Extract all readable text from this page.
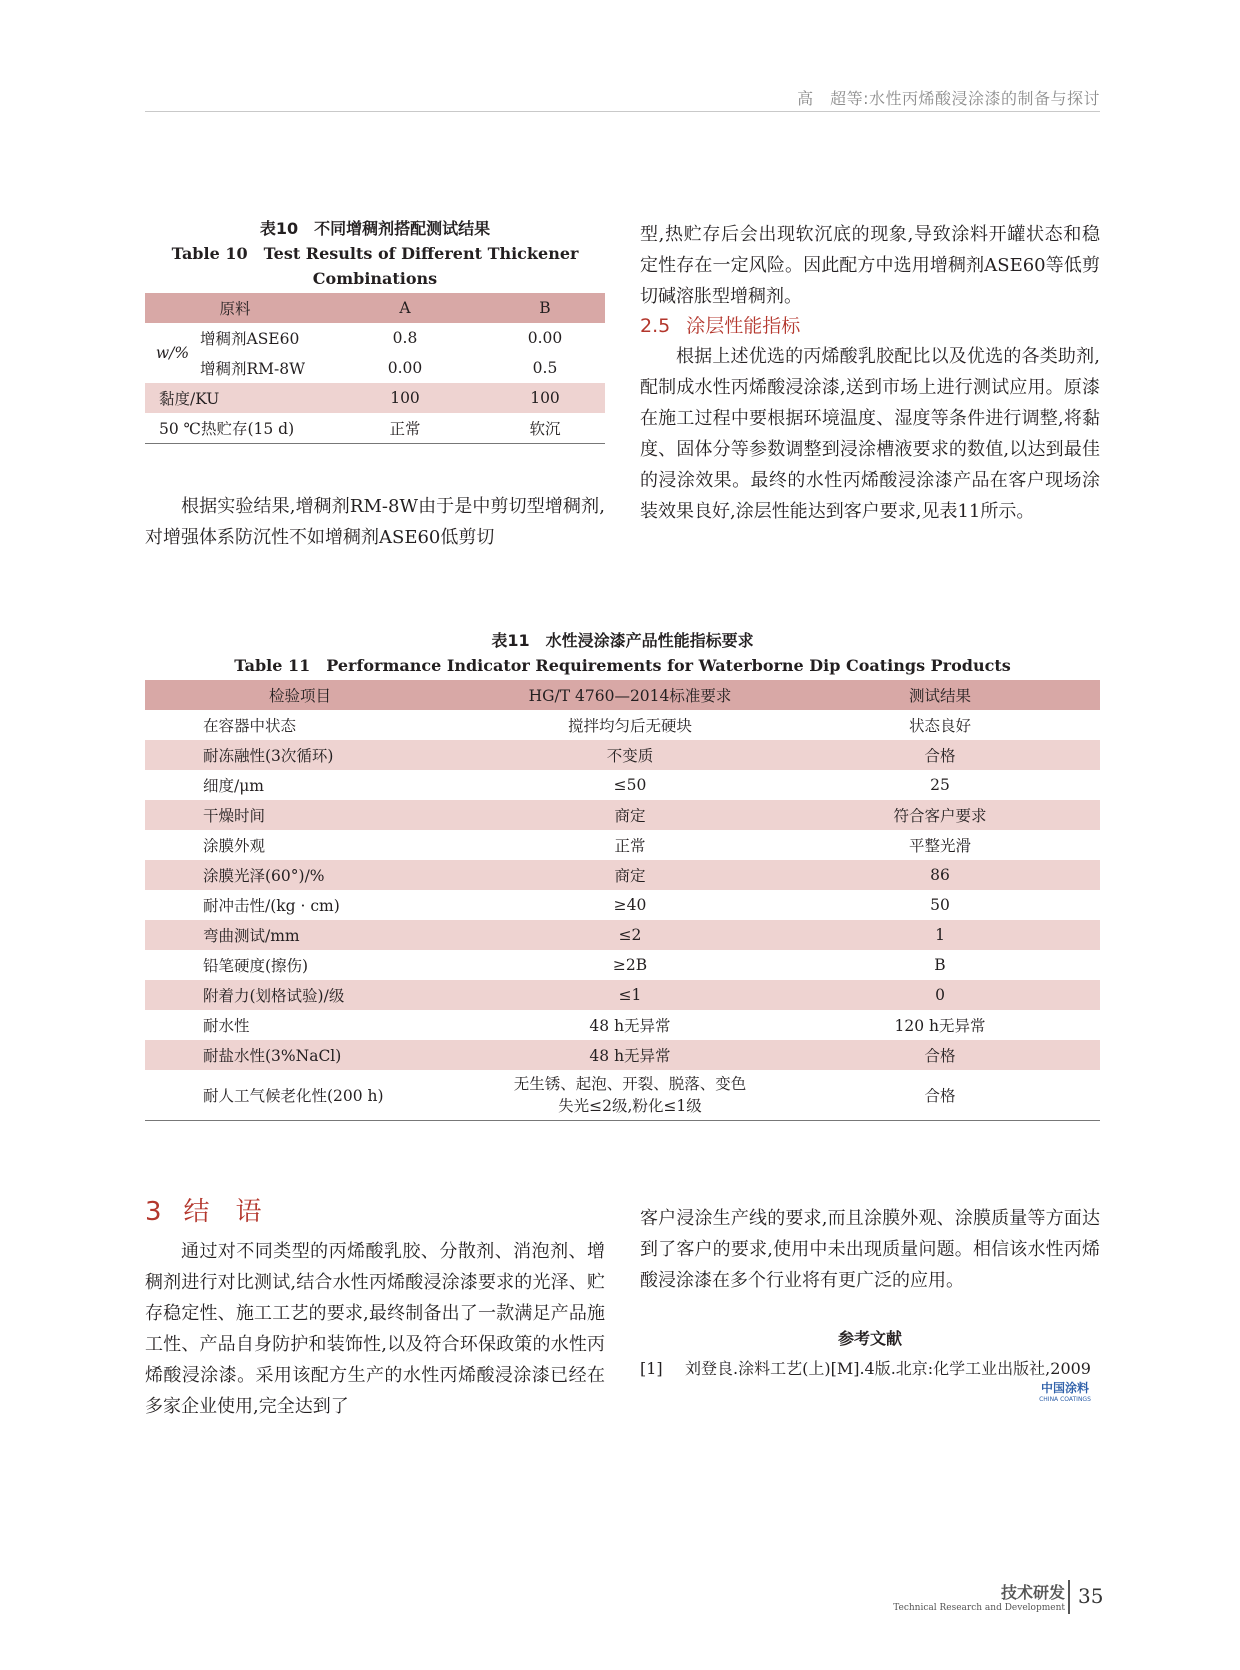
高　超等:水性丙烯酸浸涂漆的制备与探讨
表10　不同增稠剂搭配测试结果
Table 10　Test Results of Different Thickener
Combinations
原料		A	B
w/%	增稠剂ASE60	0.8	0.00
	增稠剂RM-8W	0.00	0.5
黏度/KU		100	100
50 ℃热贮存(15 d)		正常	软沉
根据实验结果,增稠剂RM-8W由于是中剪切型增稠剂,对增强体系防沉性不如增稠剂ASE60低剪切
型,热贮存后会出现软沉底的现象,导致涂料开罐状态和稳定性存在一定风险。因此配方中选用增稠剂ASE60等低剪切碱溶胀型增稠剂。
2.5 涂层性能指标
根据上述优选的丙烯酸乳胶配比以及优选的各类助剂,配制成水性丙烯酸浸涂漆,送到市场上进行测试应用。原漆在施工过程中要根据环境温度、湿度等条件进行调整,将黏度、固体分等参数调整到浸涂槽液要求的数值,以达到最佳的浸涂效果。最终的水性丙烯酸浸涂漆产品在客户现场涂装效果良好,涂层性能达到客户要求,见表11所示。
表11　水性浸涂漆产品性能指标要求
Table 11　Performance Indicator Requirements for Waterborne Dip Coatings Products
检验项目	HG/T 4760—2014标准要求	测试结果
在容器中状态	搅拌均匀后无硬块	状态良好
耐冻融性(3次循环)	不变质	合格
细度/μm	≤50	25
干燥时间	商定	符合客户要求
涂膜外观	正常	平整光滑
涂膜光泽(60°)/%	商定	86
耐冲击性/(kg · cm)	≥40	50
弯曲测试/mm	≤2	1
铅笔硬度(擦伤)	≥2B	B
附着力(划格试验)/级	≤1	0
耐水性	48 h无异常	120 h无异常
耐盐水性(3%NaCl)	48 h无异常	合格
耐人工气候老化性(200 h)	无生锈、起泡、开裂、脱落、变色
失光≤2级,粉化≤1级	合格
3 结　语
通过对不同类型的丙烯酸乳胶、分散剂、消泡剂、增稠剂进行对比测试,结合水性丙烯酸浸涂漆要求的光泽、贮存稳定性、施工工艺的要求,最终制备出了一款满足产品施工性、产品自身防护和装饰性,以及符合环保政策的水性丙烯酸浸涂漆。采用该配方生产的水性丙烯酸浸涂漆已经在多家企业使用,完全达到了
客户浸涂生产线的要求,而且涂膜外观、涂膜质量等方面达到了客户的要求,使用中未出现质量问题。相信该水性丙烯酸浸涂漆在多个行业将有更广泛的应用。
参考文献
[1]	刘登良.涂料工艺(上)[M].4版.北京:化学工业出版社,2009
中国涂料
CHINA COATINGS
技术研发
Technical Research and Development 35
